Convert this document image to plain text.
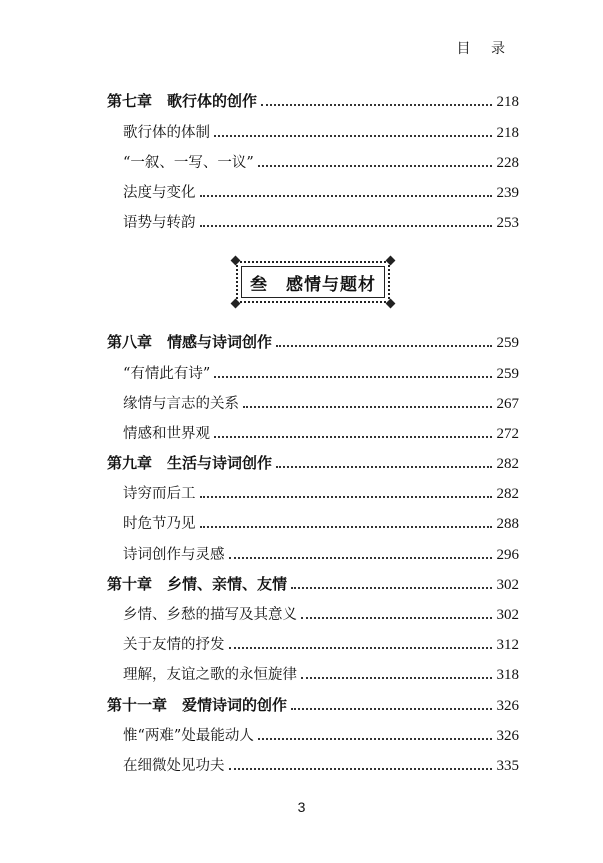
目 录
第七章　歌行体的创作	218
歌行体的体制	218
“一叙、一写、一议”	228
法度与变化	239
语势与转韵	253
第八章　情感与诗词创作	259
“有情此有诗”	259
缘情与言志的关系	267
情感和世界观	272
第九章　生活与诗词创作	282
诗穷而后工	282
时危节乃见	288
诗词创作与灵感	296
第十章　乡情、亲情、友情	302
乡情、乡愁的描写及其意义	302
关于友情的抒发	312
理解，友谊之歌的永恒旋律	318
第十一章　爱情诗词的创作	326
惟“两难”处最能动人	326
在细微处见功夫	335
叁　感情与题材
3
